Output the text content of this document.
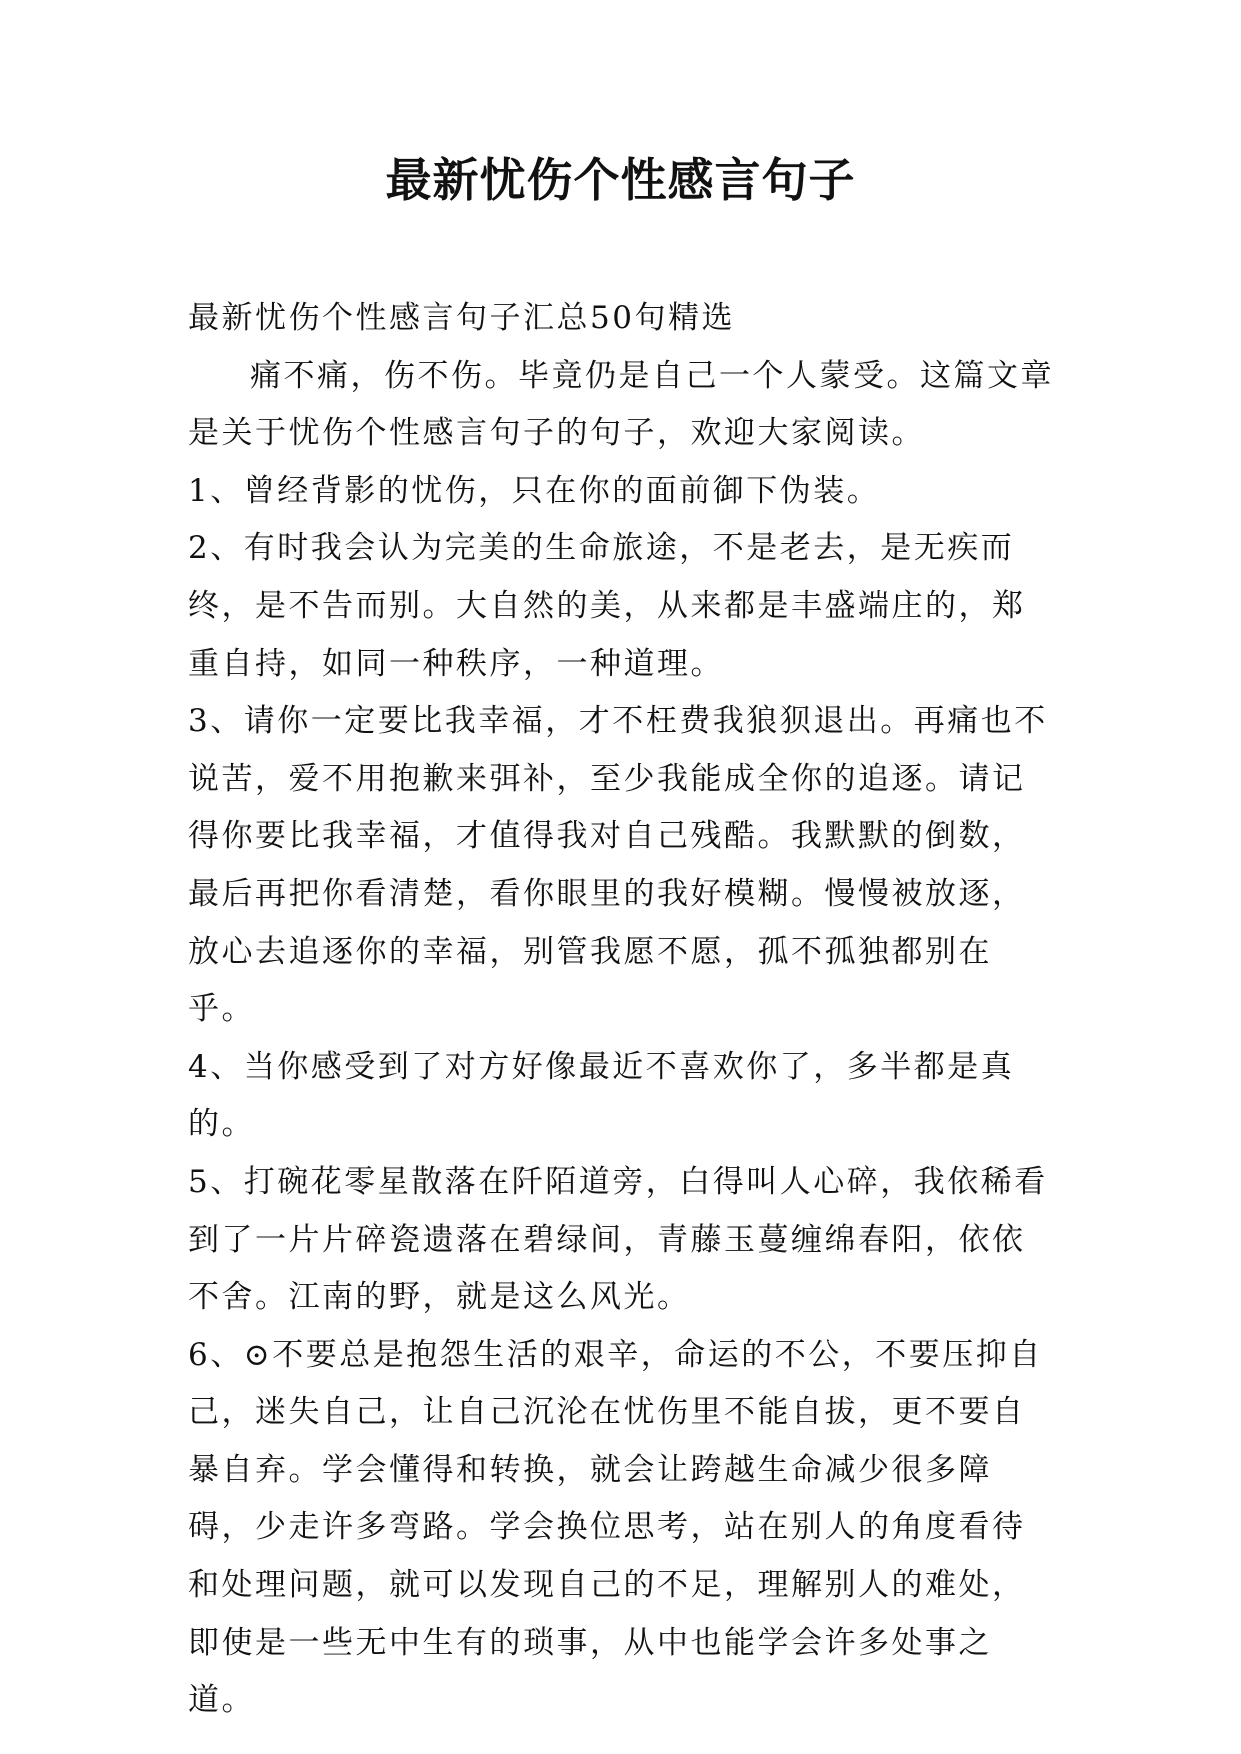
最新忧伤个性感言句子

最新忧伤个性感言句子汇总50句精选

痛不痛，伤不伤。毕竟仍是自己一个人蒙受。这篇文章是关于忧伤个性感言句子的句子，欢迎大家阅读。

1、曾经背影的忧伤，只在你的面前御下伪装。

2、有时我会认为完美的生命旅途，不是老去，是无疾而终，是不告而别。大自然的美，从来都是丰盛端庄的，郑重自持，如同一种秩序，一种道理。

3、请你一定要比我幸福，才不枉费我狼狈退出。再痛也不说苦，爱不用抱歉来弭补，至少我能成全你的追逐。请记得你要比我幸福，才值得我对自己残酷。我默默的倒数，最后再把你看清楚，看你眼里的我好模糊。慢慢被放逐，放心去追逐你的幸福，别管我愿不愿，孤不孤独都别在乎。

4、当你感受到了对方好像最近不喜欢你了，多半都是真的。

5、打碗花零星散落在阡陌道旁，白得叫人心碎，我依稀看到了一片片碎瓷遗落在碧绿间，青藤玉蔓缠绵春阳，依依不舍。江南的野，就是这么风光。

6、⊙不要总是抱怨生活的艰辛，命运的不公，不要压抑自己，迷失自己，让自己沉沦在忧伤里不能自拔，更不要自暴自弃。学会懂得和转换，就会让跨越生命减少很多障碍，少走许多弯路。学会换位思考，站在别人的角度看待和处理问题，就可以发现自己的不足，理解别人的难处，即使是一些无中生有的琐事，从中也能学会许多处事之道。
